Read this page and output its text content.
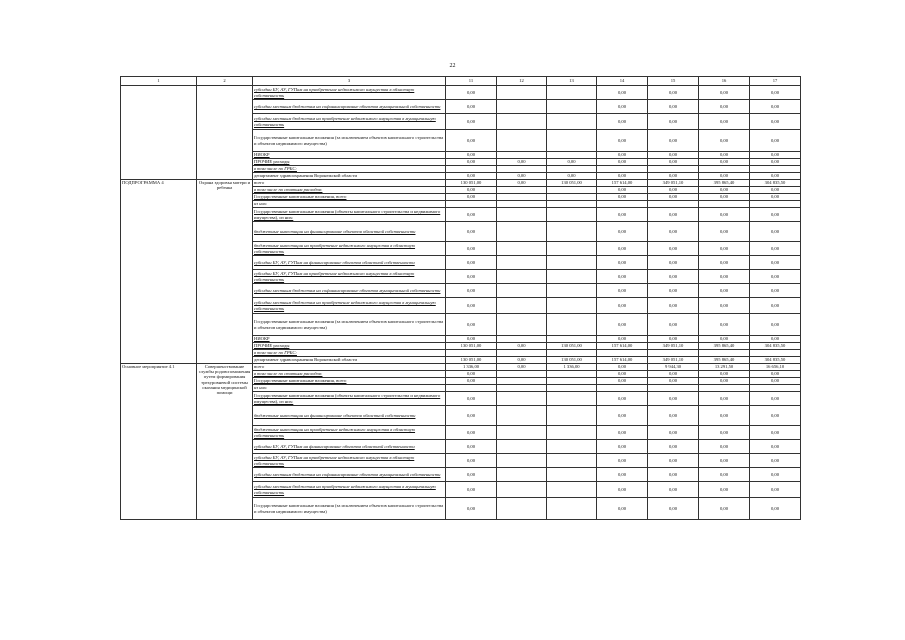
22
1	2	3	11	12	13	14	15	16	17
		субсидии БУ, АУ, ГУПам на приобретение недвижимого имущества в областную собственность	0,00			0,00	0,00	0,00	0,00
		субсидии местным бюджетам на софинансирование объектов муниципальной собственности	0,00			0,00	0,00	0,00	0,00
		субсидии местным бюджетам на приобретение недвижимого имущества в муниципальную собственность	0,00			0,00	0,00	0,00	0,00
		Государственные капитальные вложения (за исключением объектов капитального строительства и объектов недвижимого имущества)	0,00			0,00	0,00	0,00	0,00
		НИОКР	0,00			0,00	0,00	0,00	0,00
		ПРОЧИЕ расходы	0,00	0,00	0,00	0,00	0,00	0,00	0,00
		в том числе по ГРБС:							
		департамент здравоохранения Воронежской области	0,00	0,00	0,00	0,00	0,00	0,00	0,00
ПОДПРОГРАММА 4	Охрана здоровья матери и ребенка	всего	130 051,00	0,00	130 051,00	157 614,00	349 051,10	395 865,40	304 835,50
		в том числе по статьям расходов:	0,00			0,00	0,00	0,00	0,00
		Государственные капитальные вложения, всего	0,00			0,00	0,00	0,00	0,00
		из них:							
		Государственные капитальные вложения (объекты капитального строительства и недвижимого имущества), из них:	0,00			0,00	0,00	0,00	0,00
		бюджетные инвестиции на финансирование объектов областной собственности	0,00			0,00	0,00	0,00	0,00
		бюджетные инвестиции на приобретение недвижимого имущества в областную собственность	0,00			0,00	0,00	0,00	0,00
		субсидии БУ, АУ, ГУПам на финансирование объектов областной собственности	0,00			0,00	0,00	0,00	0,00
		субсидии БУ, АУ, ГУПам на приобретение недвижимого имущества в областную собственность	0,00			0,00	0,00	0,00	0,00
		субсидии местным бюджетам на софинансирование объектов муниципальной собственности	0,00			0,00	0,00	0,00	0,00
		субсидии местным бюджетам на приобретение недвижимого имущества в муниципальную собственность	0,00			0,00	0,00	0,00	0,00
		Государственные капитальные вложения (за исключением объектов капитального строительства и объектов недвижимого имущества)	0,00			0,00	0,00	0,00	0,00
		НИОКР	0,00			0,00	0,00	0,00	0,00
		ПРОЧИЕ расходы	130 051,00	0,00	130 051,00	157 614,00	349 051,10	395 865,40	304 835,50
		в том числе по ГРБС:							
		департамент здравоохранения Воронежской области	130 051,00	0,00	130 051,00	157 614,00	349 051,10	395 865,40	304 835,50
Основное мероприятие 4.1	Совершенствование службы родовспоможения путем формирования трехуровневой системы оказания медицинской помощи	всего	1 336,00	0,00	1 336,00	0,00	9 944,30	13 291,50	16 656,10
		в том числе по статьям расходов:	0,00			0,00	0,00	0,00	0,00
		Государственные капитальные вложения, всего	0,00			0,00	0,00	0,00	0,00
		из них:							
		Государственные капитальные вложения (объекты капитального строительства и недвижимого имущества), из них:	0,00			0,00	0,00	0,00	0,00
		бюджетные инвестиции на финансирование объектов областной собственности	0,00			0,00	0,00	0,00	0,00
		бюджетные инвестиции на приобретение недвижимого имущества в областную собственность	0,00			0,00	0,00	0,00	0,00
		субсидии БУ, АУ, ГУПам на финансирование объектов областной собственности	0,00			0,00	0,00	0,00	0,00
		субсидии БУ, АУ, ГУПам на приобретение недвижимого имущества в областную собственность	0,00			0,00	0,00	0,00	0,00
		субсидии местным бюджетам на софинансирование объектов муниципальной собственности	0,00			0,00	0,00	0,00	0,00
		субсидии местным бюджетам на приобретение недвижимого имущества в муниципальную собственность	0,00			0,00	0,00	0,00	0,00
		Государственные капитальные вложения (за исключением объектов капитального строительства и объектов недвижимого имущества)	0,00			0,00	0,00	0,00	0,00
